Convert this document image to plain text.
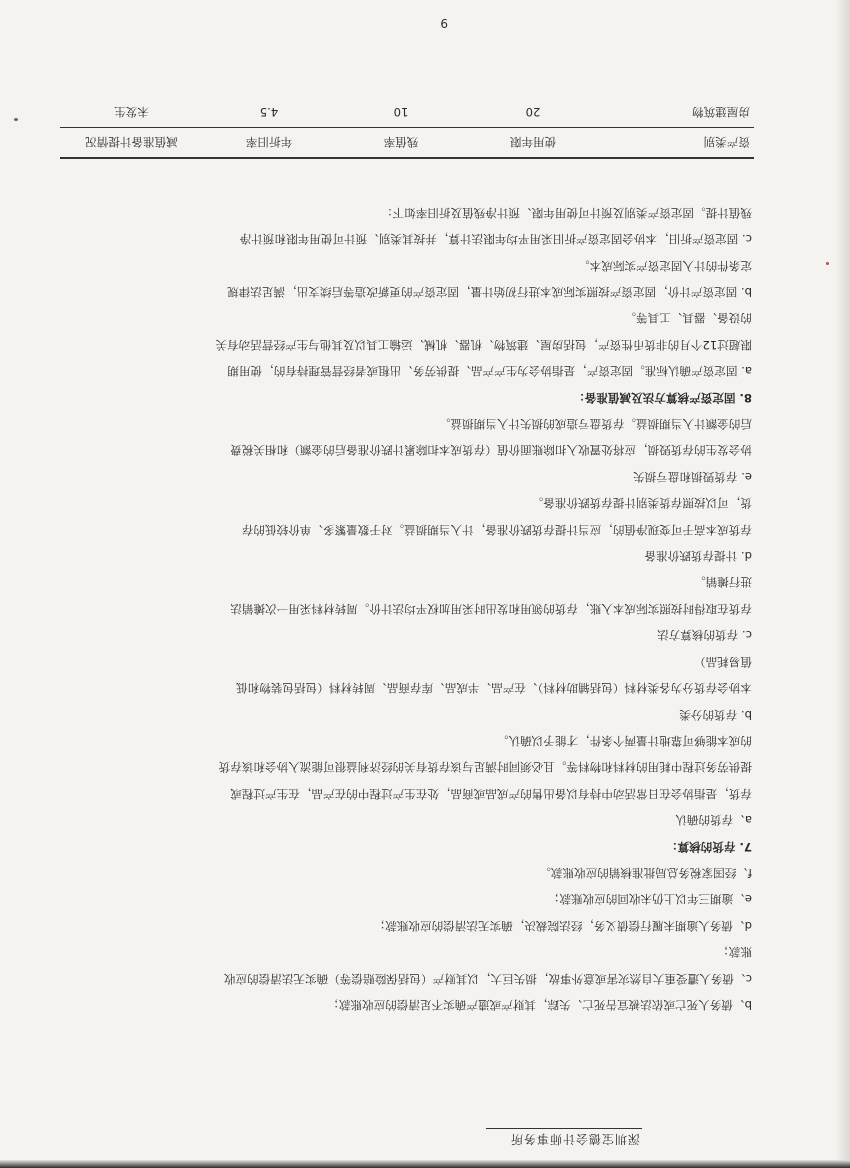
深圳宝德会计师事务所

b、债务人死亡或依法被宣告死亡、失踪，其财产或遗产确实不足清偿的应收账款；

c、债务人遭受重大自然灾害或意外事故，损失巨大，以其财产（包括保险赔偿等）确实无法清偿的应收

账款；

d、债务人逾期未履行偿债义务，经法院裁决，确实无法清偿的应收账款；

e、逾期三年以上仍未收回的应收账款；

f、经国家税务总局批准核销的应收账款。

7. 存货的核算：

a、存货的确认

存货，是指协会在日常活动中持有以备出售的产成品或商品，处在生产过程中的在产品，在生产过程或

提供劳务过程中耗用的材料和物料等。且必须同时满足与该存货有关的经济利益很可能流入协会和该存货

的成本能够可靠地计量两个条件，才能予以确认。

b. 存货的分类

本协会存货分为各类材料（包括辅助材料）、在产品、半成品、库存商品、周转材料（包括包装物和低

值易耗品）

c. 存货的核算方法

存货在取得时按照实际成本入账，存货的领用和发出时采用加权平均法计价。周转材料采用一次摊销法

进行摊销。

d. 计提存货跌价准备

存货成本高于可变现净值的，应当计提存货跌价准备，计入当期损益。对于数量繁多、单价较低的存

货，可以按照存货类别计提存货跌价准备。

e. 存货毁损和盘亏损失

协会发生的存货毁损，应将处置收入扣除账面价值（存货成本扣除累计跌价准备后的金额）和相关税费

后的金额计入当期损益。存货盘亏造成的损失计入当期损益。

8. 固定资产核算方法及减值准备：

a. 固定资产确认标准。固定资产，是指协会为生产产品、提供劳务、出租或者经营管理持有的，使用期

限超过12个月的非货币性资产，包括房屋、建筑物、机器、机械、运输工具以及其他与生产经营活动有关

的设备、器具、工具等。

b. 固定资产计价，固定资产按照实际成本进行初始计量，固定资产的更新改造等后续支出，满足法律规

定条件的计入固定资产实际成本。

c. 固定资产折旧，本协会固定资产折旧采用平均年限法计算，并按其类别、预计可使用年限和预计净

残值计提。固定资产类别及预计可使用年限、预计净残值及折旧率如下：

资产类别	使用年限	残值率	年折旧率	减值准备计提情况
房屋建筑物	20	10	4.5	未发生
9
